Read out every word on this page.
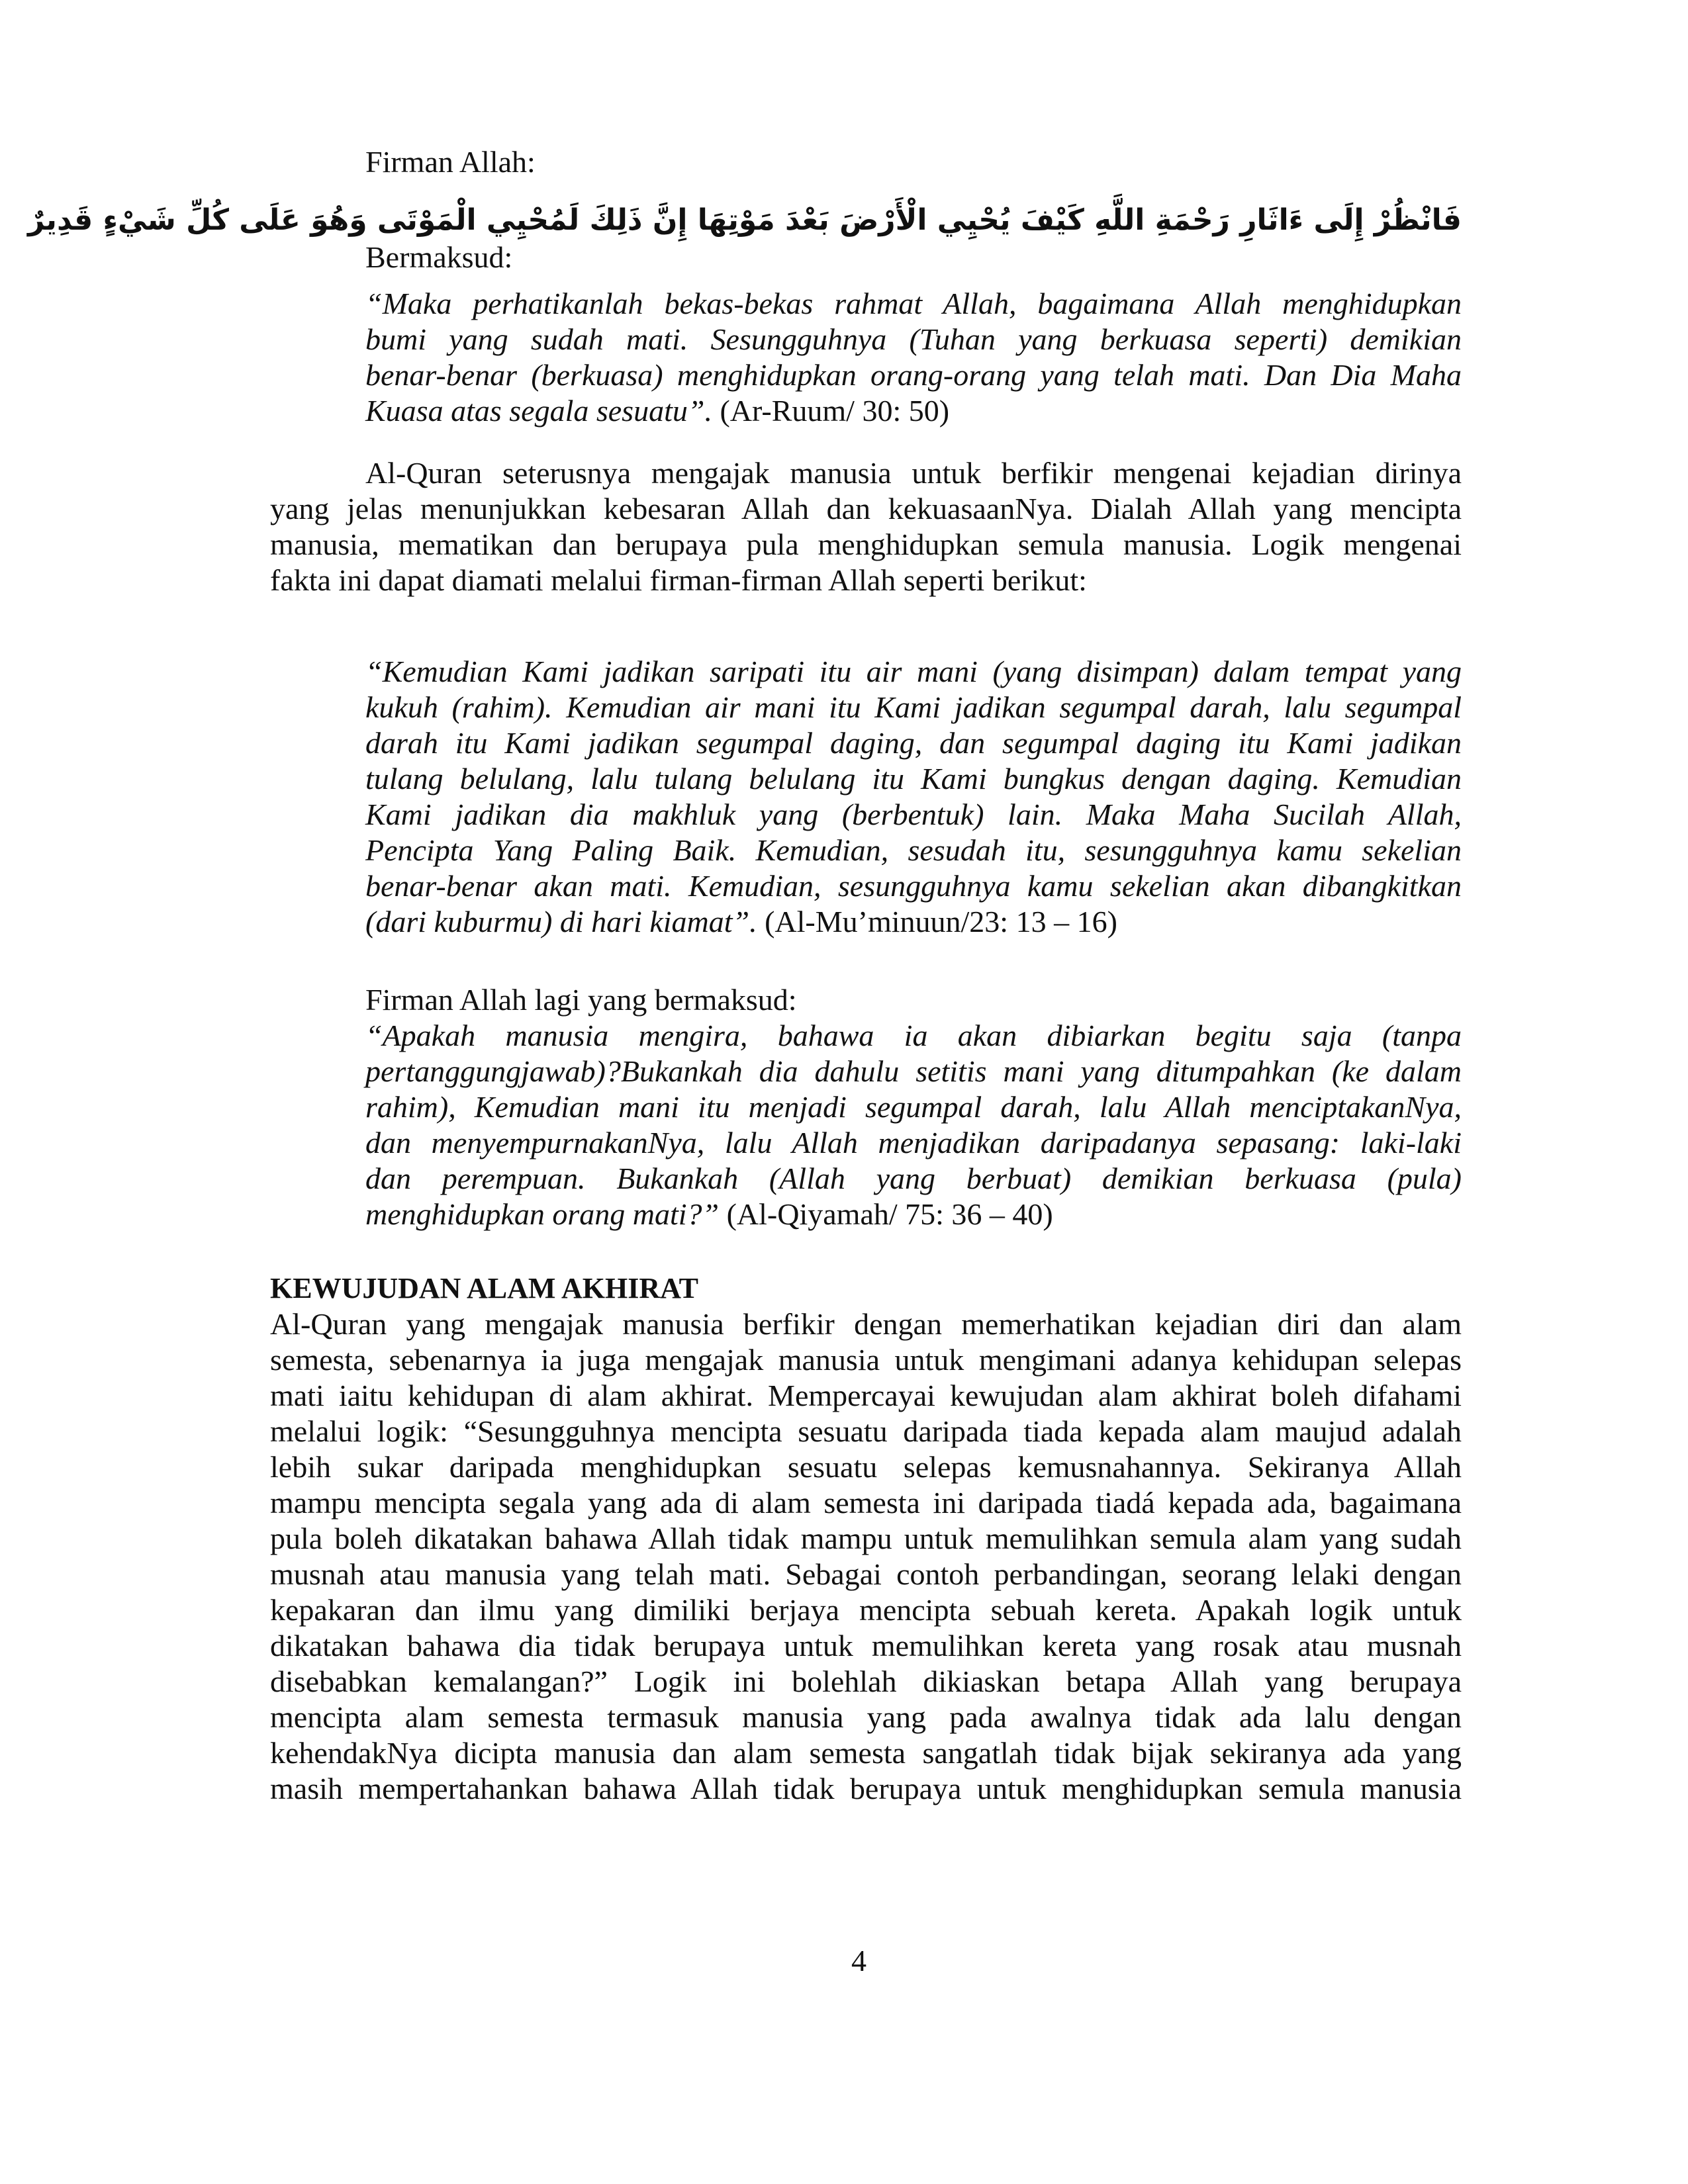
Firman Allah:
فَانْظُرْ إِلَى ءَاثَارِ رَحْمَةِ اللَّهِ كَيْفَ يُحْيِي الْأَرْضَ بَعْدَ مَوْتِهَا إِنَّ ذَلِكَ لَمُحْيِي الْمَوْتَى وَهُوَ عَلَى كُلِّ شَيْءٍ قَدِيرٌ
Bermaksud:
“Maka perhatikanlah bekas-bekas rahmat Allah, bagaimana Allah menghidupkan
bumi yang sudah mati. Sesungguhnya (Tuhan yang berkuasa seperti) demikian
benar-benar (berkuasa) menghidupkan orang-orang yang telah mati. Dan Dia Maha
Kuasa atas segala sesuatu”. (Ar-Ruum/ 30: 50)
Al-Quran seterusnya mengajak manusia untuk berfikir mengenai kejadian dirinya
yang jelas menunjukkan kebesaran Allah dan kekuasaanNya. Dialah Allah yang mencipta
manusia, mematikan dan berupaya pula menghidupkan semula manusia. Logik mengenai
fakta ini dapat diamati melalui firman-firman Allah seperti berikut:
“Kemudian Kami jadikan saripati itu air mani (yang disimpan) dalam tempat yang
kukuh (rahim). Kemudian air mani itu Kami jadikan segumpal darah, lalu segumpal
darah itu Kami jadikan segumpal daging, dan segumpal daging itu Kami jadikan
tulang belulang, lalu tulang belulang itu Kami bungkus dengan daging. Kemudian
Kami jadikan dia makhluk yang (berbentuk) lain. Maka Maha Sucilah Allah,
Pencipta Yang Paling Baik. Kemudian, sesudah itu, sesungguhnya kamu sekelian
benar-benar akan mati. Kemudian, sesungguhnya kamu sekelian akan dibangkitkan
(dari kuburmu) di hari kiamat”. (Al-Mu’minuun/23: 13 – 16)
Firman Allah lagi yang bermaksud:
“Apakah manusia mengira, bahawa ia akan dibiarkan begitu saja (tanpa
pertanggungjawab)?Bukankah dia dahulu setitis mani yang ditumpahkan (ke dalam
rahim), Kemudian mani itu menjadi segumpal darah, lalu Allah menciptakanNya,
dan menyempurnakanNya, lalu Allah menjadikan daripadanya sepasang: laki-laki
dan perempuan. Bukankah (Allah yang berbuat) demikian berkuasa (pula)
menghidupkan orang mati?” (Al-Qiyamah/ 75: 36 – 40)
KEWUJUDAN ALAM AKHIRAT
Al-Quran yang mengajak manusia berfikir dengan memerhatikan kejadian diri dan alam
semesta, sebenarnya ia juga mengajak manusia untuk mengimani adanya kehidupan selepas
mati iaitu kehidupan di alam akhirat. Mempercayai kewujudan alam akhirat boleh difahami
melalui logik: “Sesungguhnya mencipta sesuatu daripada tiada kepada alam maujud adalah
lebih sukar daripada menghidupkan sesuatu selepas kemusnahannya. Sekiranya Allah
mampu mencipta segala yang ada di alam semesta ini daripada tiadá kepada ada, bagaimana
pula boleh dikatakan bahawa Allah tidak mampu untuk memulihkan semula alam yang sudah
musnah atau manusia yang telah mati. Sebagai contoh perbandingan, seorang lelaki dengan
kepakaran dan ilmu yang dimiliki berjaya mencipta sebuah kereta. Apakah logik untuk
dikatakan bahawa dia tidak berupaya untuk memulihkan kereta yang rosak atau musnah
disebabkan kemalangan?” Logik ini bolehlah dikiaskan betapa Allah yang berupaya
mencipta alam semesta termasuk manusia yang pada awalnya tidak ada lalu dengan
kehendakNya dicipta manusia dan alam semesta sangatlah tidak bijak sekiranya ada yang
masih mempertahankan bahawa Allah tidak berupaya untuk menghidupkan semula manusia
4
